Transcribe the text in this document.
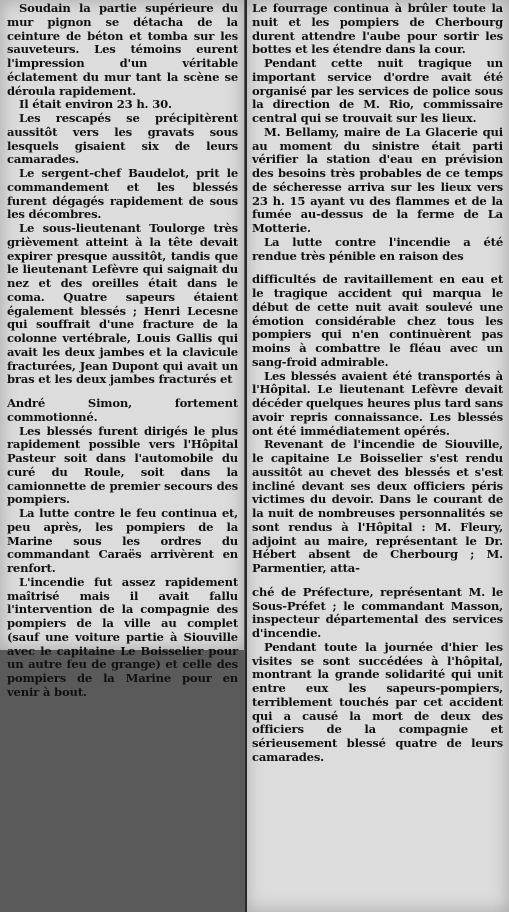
Soudain la partie supérieure du mur pignon se détacha de la ceinture de béton et tomba sur les sauveteurs. Les témoins eurent l'impression d'un véritable éclatement du mur tant la scène se déroula rapidement.

Il était environ 23 h. 30.

Les rescapés se précipitèrent aussitôt vers les gravats sous lesquels gisaient six de leurs camarades.

Le sergent-chef Baudelot, prit le commandement et les blessés furent dégagés rapidement de sous les décombres.

Le sous-lieutenant Toulorge très grièvement atteint à la tête devait expirer presque aussitôt, tandis que le lieutenant Lefèvre qui saignait du nez et des oreilles était dans le coma. Quatre sapeurs étaient également blessés ; Henri Lecesne qui souffrait d'une fracture de la colonne vertébrale, Louis Gallis qui avait les deux jambes et la clavicule fracturées, Jean Dupont qui avait un bras et les deux jambes fracturés et

André Simon, fortement commotionné.

Les blessés furent dirigés le plus rapidement possible vers l'Hôpital Pasteur soit dans l'automobile du curé du Roule, soit dans la camionnette de premier secours des pompiers.

La lutte contre le feu continua et, peu après, les pompiers de la Marine sous les ordres du commandant Caraës arrivèrent en renfort.

L'incendie fut assez rapidement maîtrisé mais il avait fallu l'intervention de la compagnie des pompiers de la ville au complet (sauf une voiture partie à Siouville avec le capitaine Le Boisselier pour un autre feu de grange) et celle des pompiers de la Marine pour en venir à bout.

Le fourrage continua à brûler toute la nuit et les pompiers de Cherbourg durent attendre l'aube pour sortir les bottes et les étendre dans la cour.

Pendant cette nuit tragique un important service d'ordre avait été organisé par les services de police sous la direction de M. Rio, commissaire central qui se trouvait sur les lieux.

M. Bellamy, maire de La Glacerie qui au moment du sinistre était parti vérifier la station d'eau en prévision des besoins très probables de ce temps de sécheresse arriva sur les lieux vers 23 h. 15 ayant vu des flammes et de la fumée au-dessus de la ferme de La Motterie.

La lutte contre l'incendie a été rendue très pénible en raison des

difficultés de ravitaillement en eau et le tragique accident qui marqua le début de cette nuit avait soulevé une émotion considérable chez tous les pompiers qui n'en continuèrent pas moins à combattre le fléau avec un sang-froid admirable.

Les blessés avaient été transportés à l'Hôpital. Le lieutenant Lefèvre devait décéder quelques heures plus tard sans avoir repris connaissance. Les blessés ont été immédiatement opérés.

Revenant de l'incendie de Siouville, le capitaine Le Boisselier s'est rendu aussitôt au chevet des blessés et s'est incliné devant ses deux officiers péris victimes du devoir. Dans le courant de la nuit de nombreuses personnalités se sont rendus à l'Hôpital : M. Fleury, adjoint au maire, représentant le Dr. Hébert absent de Cherbourg ; M. Parmentier, atta-

ché de Préfecture, représentant M. le Sous-Préfet ; le commandant Masson, inspecteur départemental des services d'incendie.

Pendant toute la journée d'hier les visites se sont succédées à l'hôpital, montrant la grande solidarité qui unit entre eux les sapeurs-pompiers, terriblement touchés par cet accident qui a causé la mort de deux des officiers de la compagnie et sérieusement blessé quatre de leurs camarades.
